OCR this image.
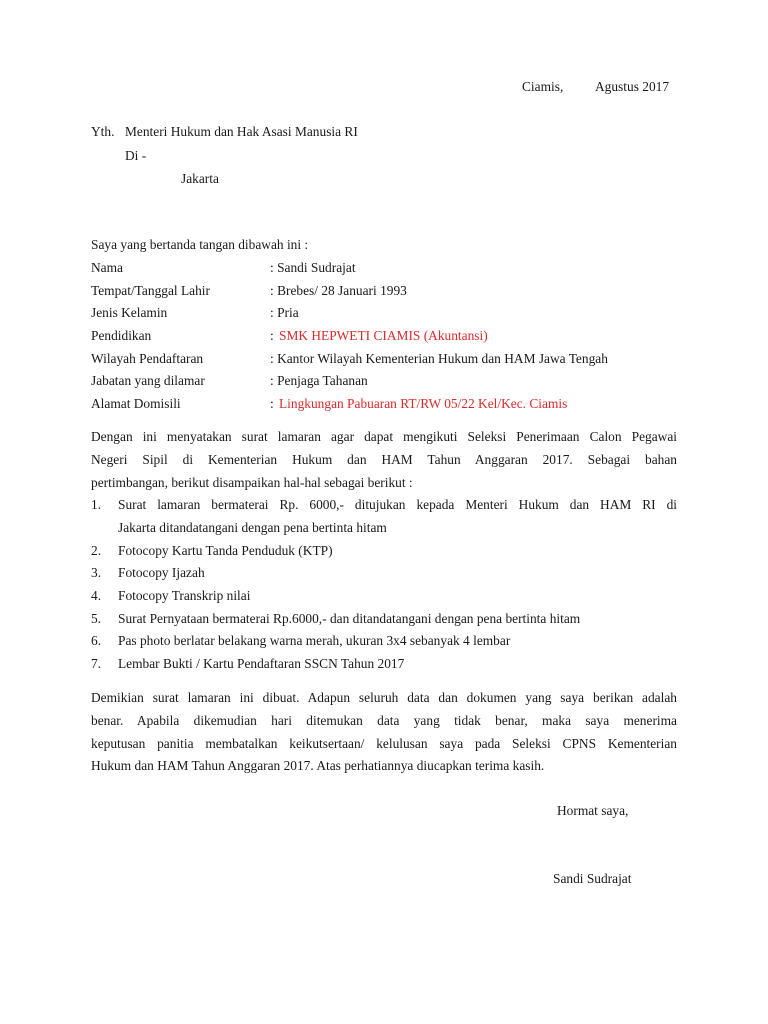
Ciamis, Agustus 2017
Yth. Menteri Hukum dan Hak Asasi Manusia RI
Di -
Jakarta
Saya yang bertanda tangan dibawah ini :
Nama	: Sandi Sudrajat
Tempat/Tanggal Lahir	: Brebes/ 28 Januari 1993
Jenis Kelamin	: Pria
Pendidikan	: SMK HEPWETI CIAMIS (Akuntansi)
Wilayah Pendaftaran	: Kantor Wilayah Kementerian Hukum dan HAM Jawa Tengah
Jabatan yang dilamar	: Penjaga Tahanan
Alamat Domisili	: Lingkungan Pabuaran RT/RW 05/22 Kel/Kec. Ciamis
Dengan ini menyatakan surat lamaran agar dapat mengikuti Seleksi Penerimaan Calon Pegawai
Negeri Sipil di Kementerian Hukum dan HAM Tahun Anggaran 2017. Sebagai bahan
pertimbangan, berikut disampaikan hal-hal sebagai berikut :
1. Surat lamaran bermaterai Rp. 6000,- ditujukan kepada Menteri Hukum dan HAM RI di
Jakarta ditandatangani dengan pena bertinta hitam
2. Fotocopy Kartu Tanda Penduduk (KTP)
3. Fotocopy Ijazah
4. Fotocopy Transkrip nilai
5. Surat Pernyataan bermaterai Rp.6000,- dan ditandatangani dengan pena bertinta hitam
6. Pas photo berlatar belakang warna merah, ukuran 3x4 sebanyak 4 lembar
7. Lembar Bukti / Kartu Pendaftaran SSCN Tahun 2017
Demikian surat lamaran ini dibuat. Adapun seluruh data dan dokumen yang saya berikan adalah
benar. Apabila dikemudian hari ditemukan data yang tidak benar, maka saya menerima
keputusan panitia membatalkan keikutsertaan/ kelulusan saya pada Seleksi CPNS Kementerian
Hukum dan HAM Tahun Anggaran 2017. Atas perhatiannya diucapkan terima kasih.
Hormat saya,
Sandi Sudrajat
